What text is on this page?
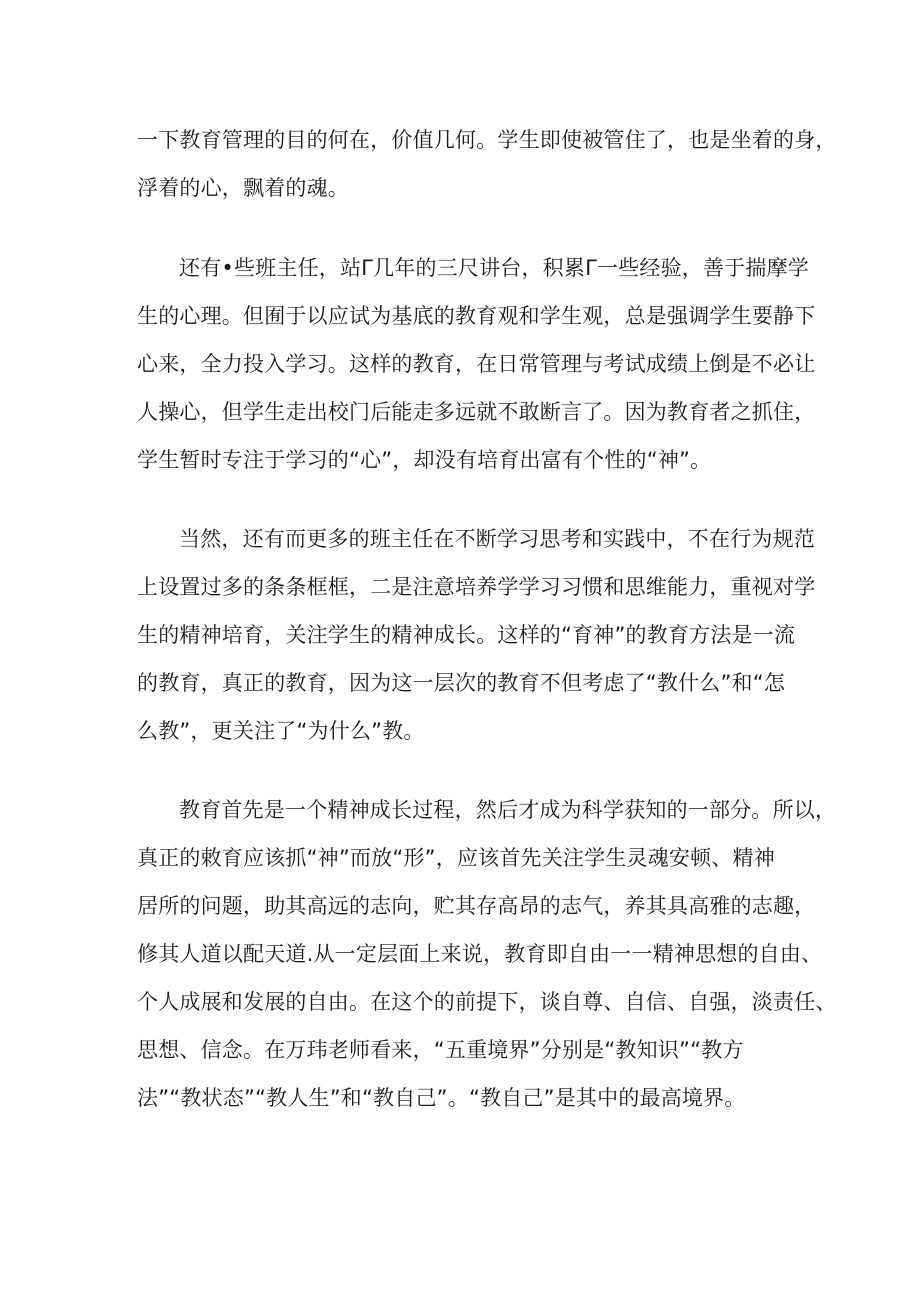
一下教育管理的目的何在，价值几何。学生即使被管住了，也是坐着的身，
浮着的心，飘着的魂。
还有•些班主任，站Γ几年的三尺讲台，积累Γ一些经验，善于揣摩学
生的心理。但囿于以应试为基底的教育观和学生观，总是强调学生要静下
心来，全力投入学习。这样的教育，在日常管理与考试成绩上倒是不必让
人操心，但学生走出校门后能走多远就不敢断言了。因为教育者之抓住，
学生暂时专注于学习的“心”，却没有培育出富有个性的“神”。
当然，还有而更多的班主任在不断学习思考和实践中，不在行为规范
上设置过多的条条框框，二是注意培养学学习习惯和思维能力，重视对学
生的精神培育，关注学生的精神成长。这样的“育神”的教育方法是一流
的教育，真正的教育，因为这一层次的教育不但考虑了“教什么”和“怎
么教”，更关注了“为什么”教。
教育首先是一个精神成长过程，然后才成为科学获知的一部分。所以，
真正的敕育应该抓“神”而放“形”，应该首先关注学生灵魂安顿、精神
居所的问题，助其高远的志向，贮其存高昂的志气，养其具高雅的志趣，
修其人道以配天道.从一定层面上来说，教育即自由一一精神思想的自由、
个人成展和发展的自由。在这个的前提下，谈自尊、自信、自强，淡责任、
思想、信念。在万玮老师看来，“五重境界”分别是“教知识”“教方
法”“教状态”“教人生”和“教自己”。“教自己”是其中的最高境界。
